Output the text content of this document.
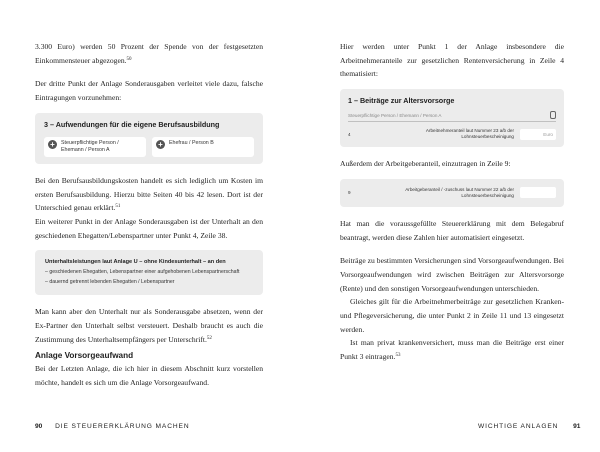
3.300 Euro) werden 50 Prozent der Spende von der festgesetzten Einkommensteuer abgezogen.$^{50}$

Der dritte Punkt der Anlage Sonderausgaben verleitet viele dazu, falsche Eintragungen vorzunehmen:

3 – Aufwendungen für die eigene Berufsausbildung
+	Steuerpflichtige Person / Ehemann / Person A
+	Ehefrau / Person B

Bei den Berufsausbildungskosten handelt es sich lediglich um Kosten im ersten Berufsausbildung. Hierzu bitte Seiten 40 bis 42 lesen. Dort ist der Unterschied genau erklärt.$^{51}$

Ein weiterer Punkt in der Anlage Sonderausgaben ist der Unterhalt an den geschiedenen Ehegatten/Lebenspartner unter Punkt 4, Zeile 38.

Unterhaltsleistungen laut Anlage U – ohne Kindesunterhalt – an den
– geschiedenen Ehegatten, Lebenspartner einer aufgehobenen Lebenspartnerschaft
– dauernd getrennt lebenden Ehegatten / Lebenspartner

Man kann aber den Unterhalt nur als Sonderausgabe absetzen, wenn der Ex-Partner den Unterhalt selbst versteuert. Deshalb braucht es auch die Zustimmung des Unterhaltsempfängers per Unterschrift.$^{52}$

Anlage Vorsorgeaufwand

Bei der Letzten Anlage, die ich hier in diesem Abschnitt kurz vorstellen möchte, handelt es sich um die Anlage Vorsorgeaufwand.

90 DIE STEUERERKLÄRUNG MACHEN

Hier werden unter Punkt 1 der Anlage insbesondere die Arbeitnehmeranteile zur gesetzlichen Rentenversicherung in Zeile 4 thematisiert:

1 – Beiträge zur Altersvorsorge
Steuerpflichtige Person / Ehemann / Person A
4
Arbeitnehmeranteil laut Nummer 23 a/b der Lohnsteuerbescheinigung	Euro

Außerdem der Arbeitgeberanteil, einzutragen in Zeile 9:

9
Arbeitgeberanteil / -zuschuss laut Nummer 22 a/b der Lohnsteuerbescheinigung

Hat man die voraussgefüllte Steuererklärung mit dem Belegabruf beantragt, werden diese Zahlen hier automatisiert eingesetzt.

Beiträge zu bestimmten Versicherungen sind Vorsorgeaufwendungen. Bei Vorsorgeaufwendungen wird zwischen Beiträgen zur Altersvorsorge (Rente) und den sonstigen Vorsorgeaufwendungen unterschieden.

Gleiches gilt für die Arbeitnehmerbeiträge zur gesetzlichen Kranken- und Pflegeversicherung, die unter Punkt 2 in Zeile 11 und 13 eingesetzt werden.

Ist man privat krankenversichert, muss man die Beiträge erst einer Punkt 3 eintragen.$^{53}$

WICHTIGE ANLAGEN 91
